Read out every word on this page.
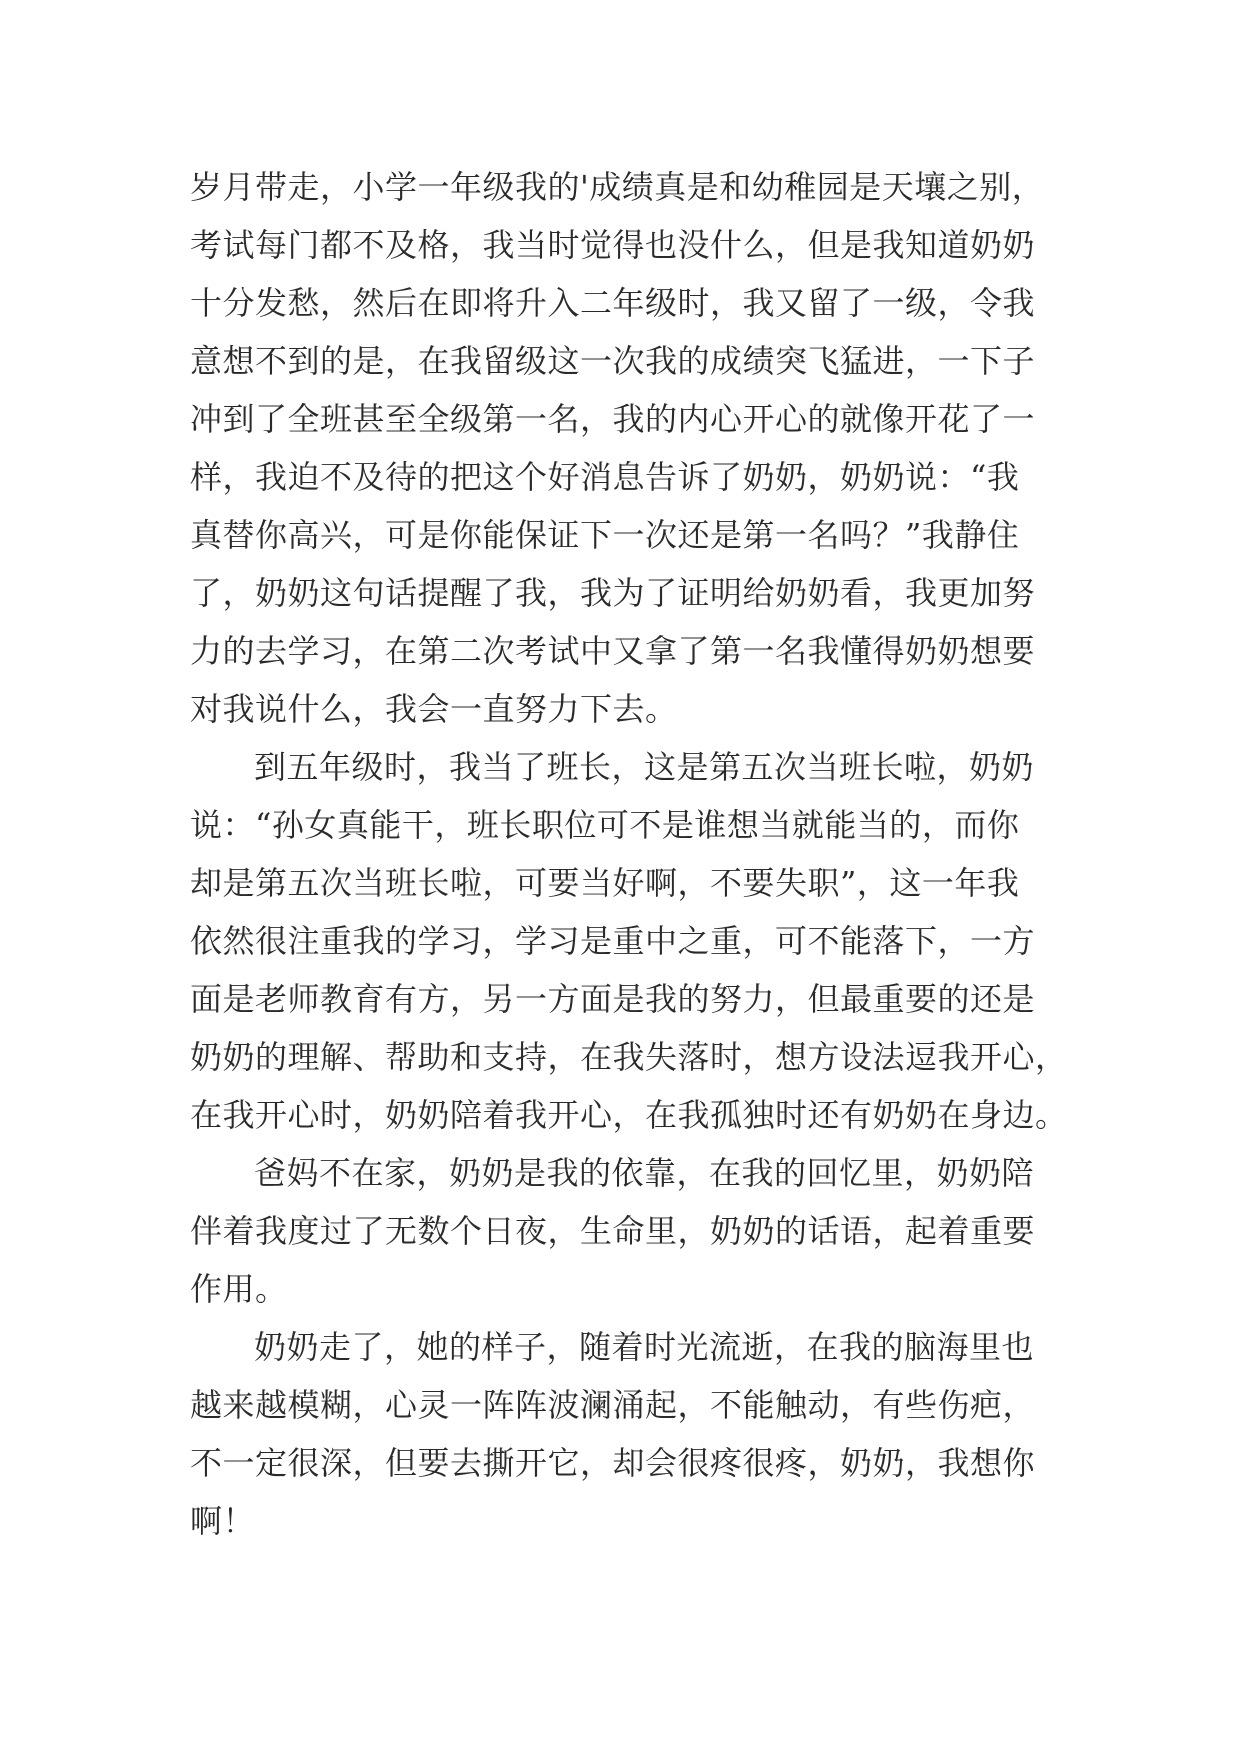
岁月带走，小学一年级我的'成绩真是和幼稚园是天壤之别，
考试每门都不及格，我当时觉得也没什么，但是我知道奶奶
十分发愁，然后在即将升入二年级时，我又留了一级，令我
意想不到的是，在我留级这一次我的成绩突飞猛进，一下子
冲到了全班甚至全级第一名，我的内心开心的就像开花了一
样，我迫不及待的把这个好消息告诉了奶奶，奶奶说：“我
真替你高兴，可是你能保证下一次还是第一名吗？”我静住
了，奶奶这句话提醒了我，我为了证明给奶奶看，我更加努
力的去学习，在第二次考试中又拿了第一名我懂得奶奶想要
对我说什么，我会一直努力下去。
到五年级时，我当了班长，这是第五次当班长啦，奶奶
说：“孙女真能干，班长职位可不是谁想当就能当的，而你
却是第五次当班长啦，可要当好啊，不要失职”，这一年我
依然很注重我的学习，学习是重中之重，可不能落下，一方
面是老师教育有方，另一方面是我的努力，但最重要的还是
奶奶的理解、帮助和支持，在我失落时，想方设法逗我开心，
在我开心时，奶奶陪着我开心，在我孤独时还有奶奶在身边。
爸妈不在家，奶奶是我的依靠，在我的回忆里，奶奶陪
伴着我度过了无数个日夜，生命里，奶奶的话语，起着重要
作用。
奶奶走了，她的样子，随着时光流逝，在我的脑海里也
越来越模糊，心灵一阵阵波澜涌起，不能触动，有些伤疤，
不一定很深，但要去撕开它，却会很疼很疼，奶奶，我想你
啊！
